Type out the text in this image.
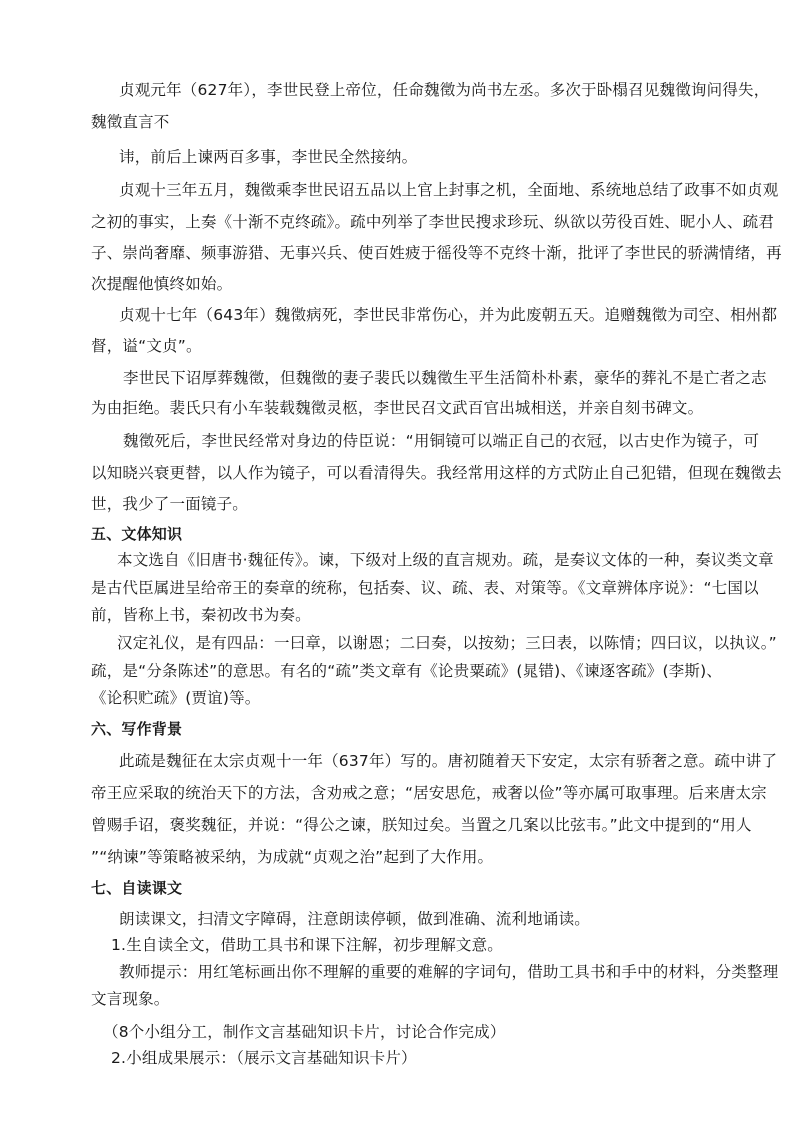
贞观元年（627年），李世民登上帝位，任命魏徵为尚书左丞。多次于卧榻召见魏徵询问得失，
魏徵直言不
讳，前后上谏两百多事，李世民全然接纳。
贞观十三年五月，魏徵乘李世民诏五品以上官上封事之机，全面地、系统地总结了政事不如贞观
之初的事实，上奏《十渐不克终疏》。疏中列举了李世民搜求珍玩、纵欲以劳役百姓、昵小人、疏君
子、崇尚奢靡、频事游猎、无事兴兵、使百姓疲于徭役等不克终十渐，批评了李世民的骄满情绪，再
次提醒他慎终如始。
贞观十七年（643年）魏徵病死，李世民非常伤心，并为此废朝五天。追赠魏徵为司空、相州都
督，谥“文贞”。
李世民下诏厚葬魏徵，但魏徵的妻子裴氏以魏徵生平生活简朴朴素，豪华的葬礼不是亡者之志
为由拒绝。裴氏只有小车装载魏徵灵柩，李世民召文武百官出城相送，并亲自刻书碑文。
魏徵死后，李世民经常对身边的侍臣说：“用铜镜可以端正自己的衣冠，以古史作为镜子，可
以知晓兴衰更替，以人作为镜子，可以看清得失。我经常用这样的方式防止自己犯错，但现在魏徵去
世，我少了一面镜子。
五、文体知识
本文选自《旧唐书·魏征传》。谏，下级对上级的直言规劝。疏，是奏议文体的一种，奏议类文章
是古代臣属进呈给帝王的奏章的统称，包括奏、议、疏、表、对策等。《文章辨体序说》：“七国以
前，皆称上书，秦初改书为奏。
汉定礼仪，是有四品：一曰章，以谢恩；二曰奏，以按劾；三曰表，以陈情；四曰议，以执议。”
疏，是“分条陈述”的意思。有名的“疏”类文章有《论贵粟疏》(晁错)、《谏逐客疏》(李斯)、
《论积贮疏》(贾谊)等。
六、写作背景
此疏是魏征在太宗贞观十一年（637年）写的。唐初随着天下安定，太宗有骄奢之意。疏中讲了
帝王应采取的统治天下的方法，含劝戒之意；“居安思危，戒奢以俭”等亦属可取事理。后来唐太宗
曾赐手诏，褒奖魏征，并说：“得公之谏，朕知过矣。当置之几案以比弦韦。”此文中提到的“用人
”“纳谏”等策略被采纳，为成就“贞观之治”起到了大作用。
七、自读课文
朗读课文，扫清文字障碍，注意朗读停顿，做到准确、流利地诵读。
1.生自读全文，借助工具书和课下注解，初步理解文意。
教师提示：用红笔标画出你不理解的重要的难解的字词句，借助工具书和手中的材料，分类整理
文言现象。
（8个小组分工，制作文言基础知识卡片，讨论合作完成）
2.小组成果展示：（展示文言基础知识卡片）
